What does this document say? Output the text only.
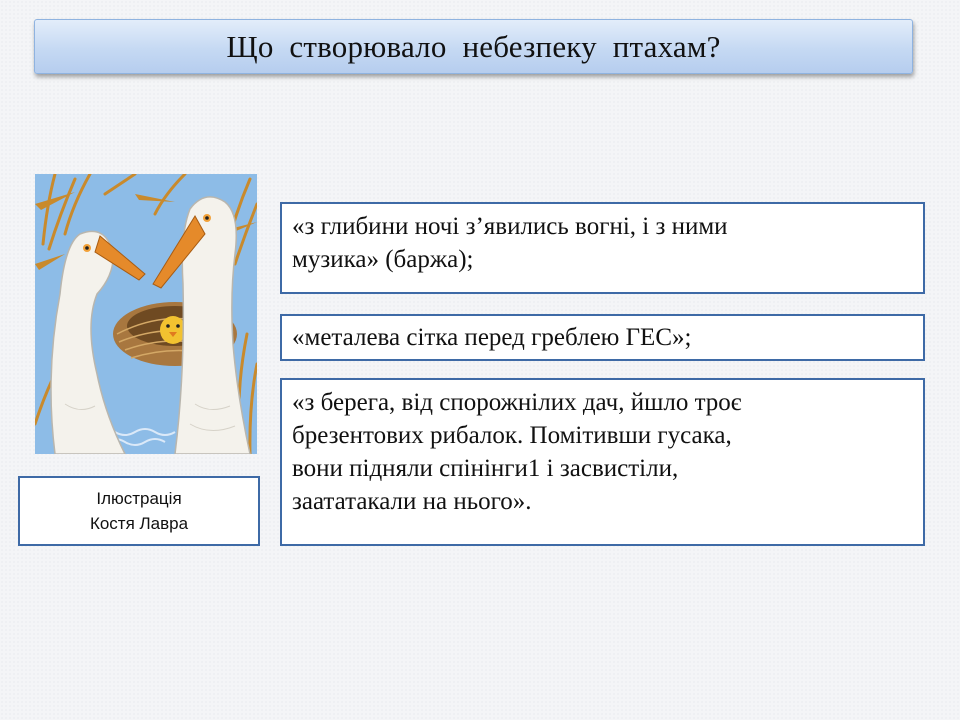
Що  створювало  небезпеку  птахам?
Ілюстрація
Костя Лавра
«з глибини ночі з’явились вогні, і з ними
музика» (баржа);
«металева сітка перед греблею ГЕС»;
«з берега, від спорожнілих дач, йшло троє
брезентових рибалок. Помітивши гусака,
вони підняли спінінги1 і засвистіли,
заататакали на нього».
